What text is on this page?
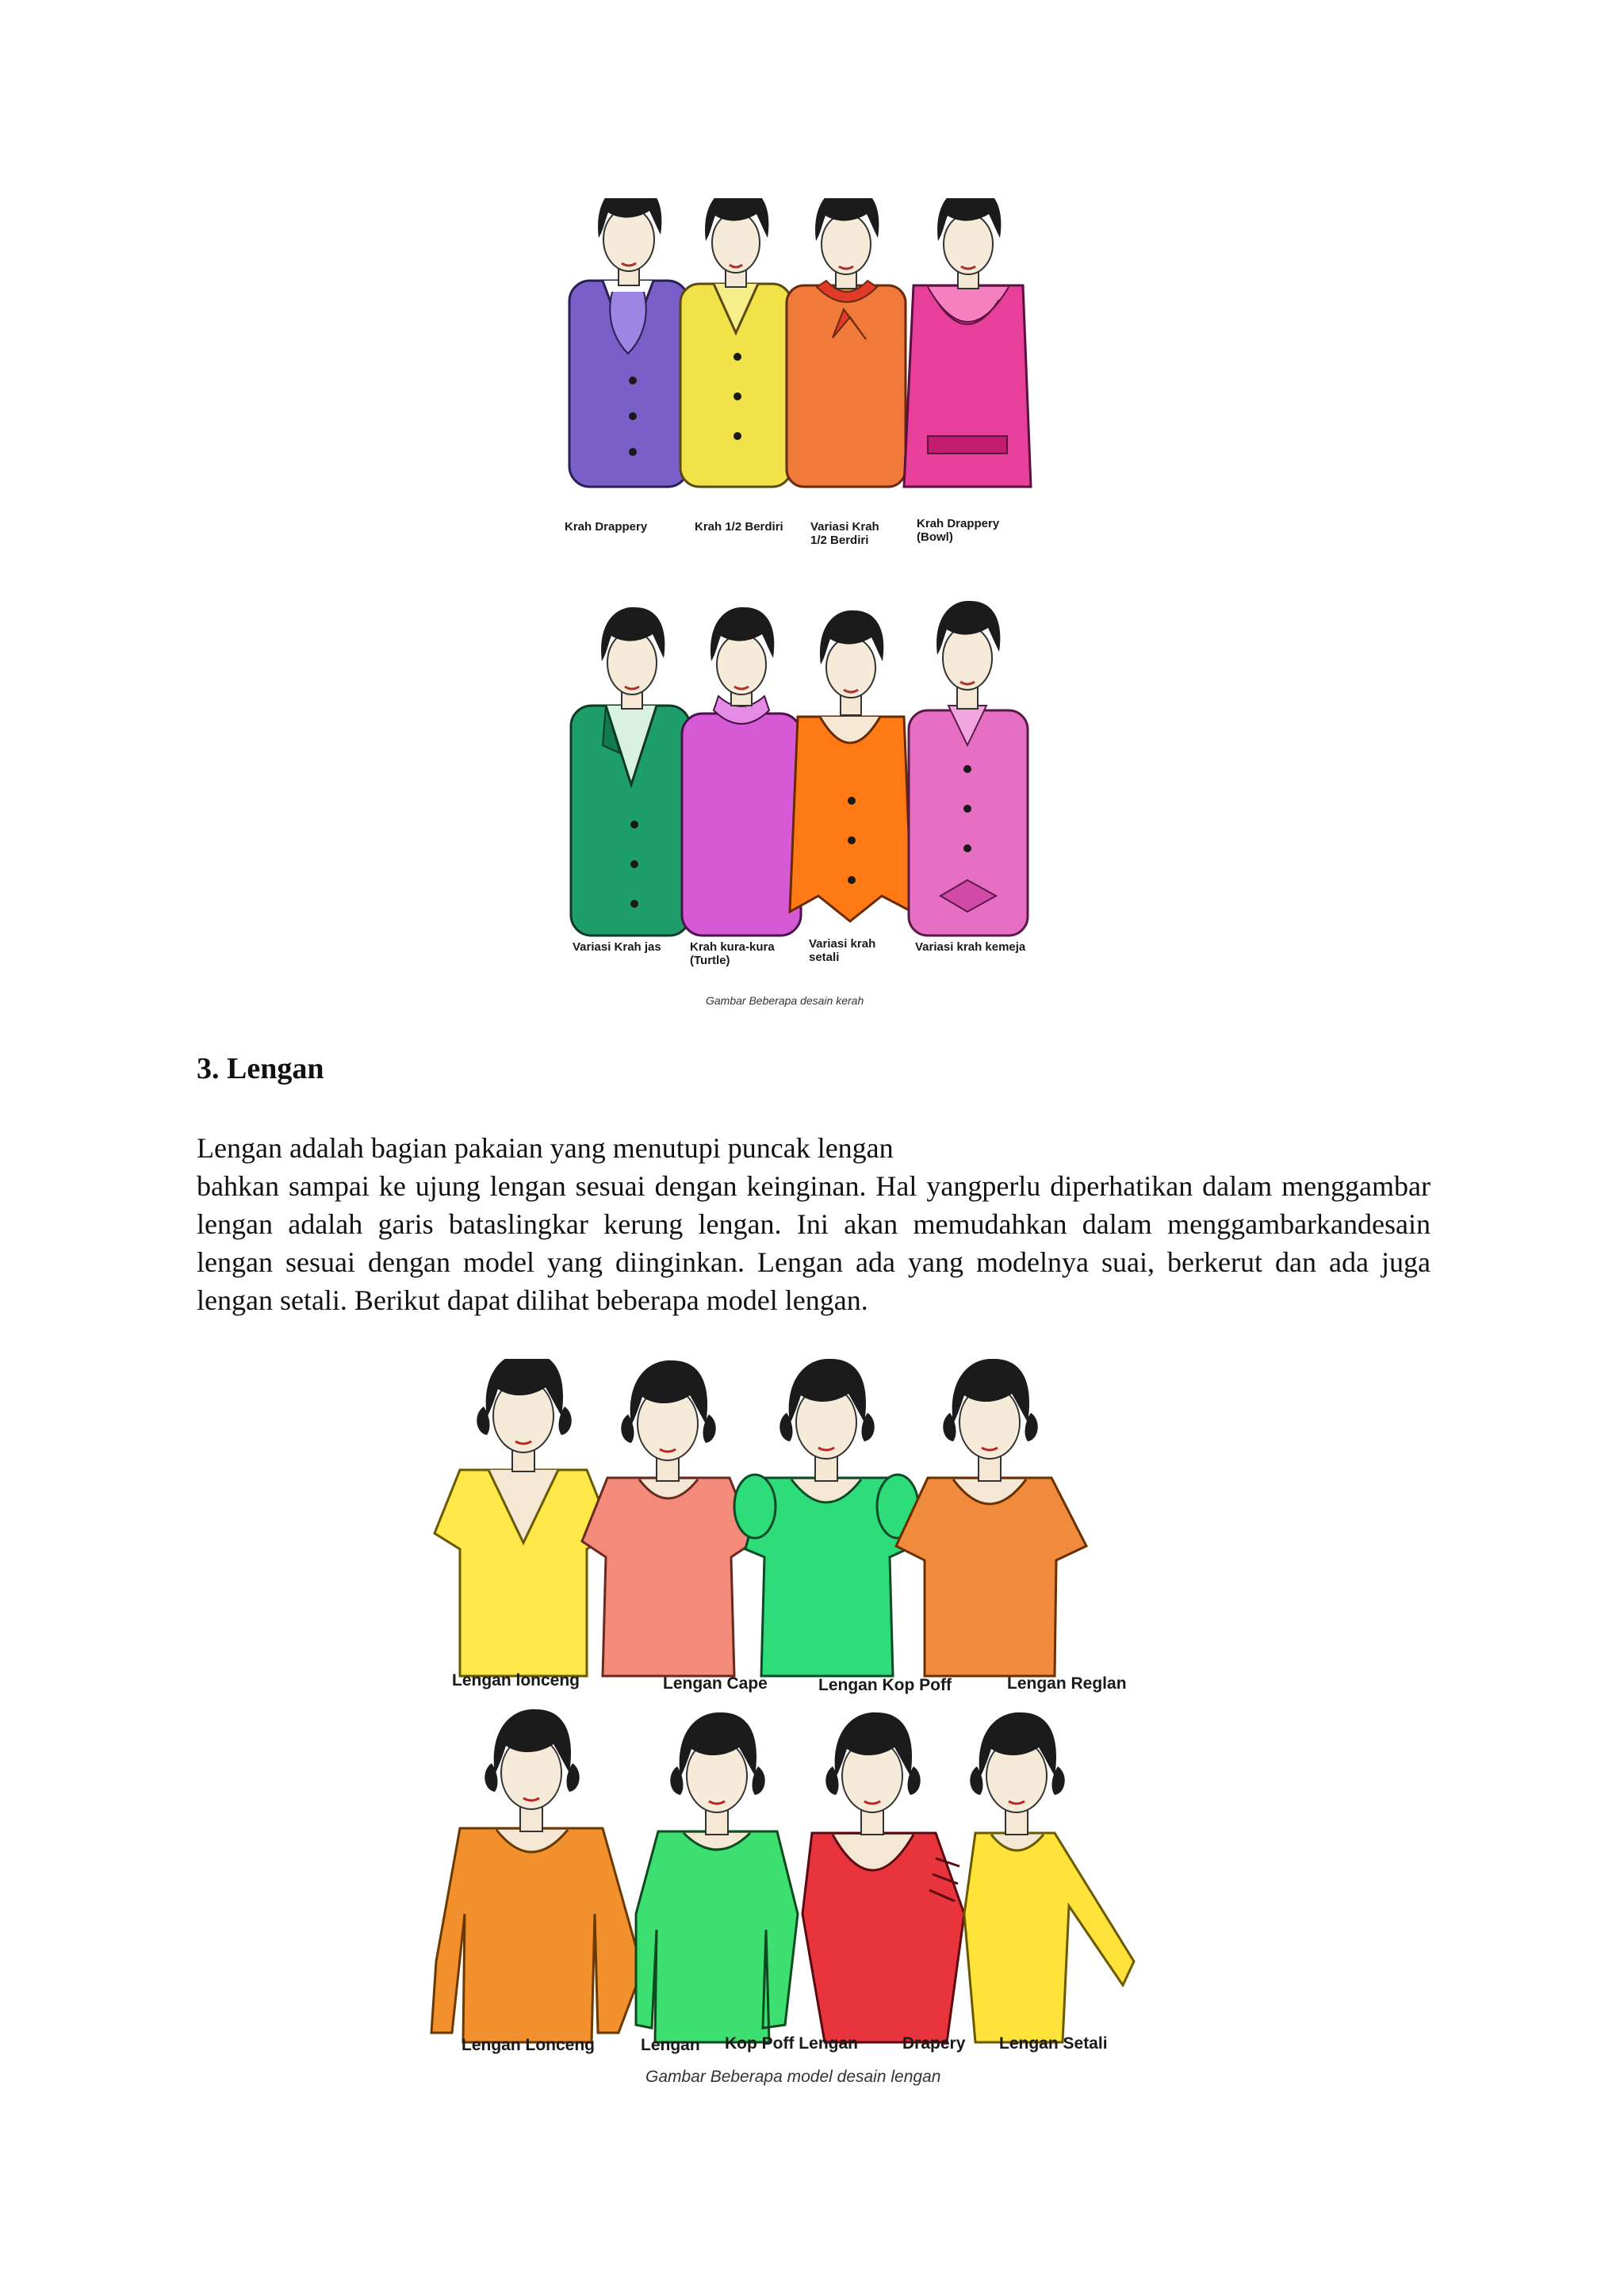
Krah Drappery	Krah 1/2 Berdiri Variasi Krah
1/2 Berdiri
Krah Drappery
(Bowl)
Variasi Krah jas Krah kura-kura
(Turtle)
Variasi krah
setali
Variasi krah kemeja

Gambar Beberapa desain kerah
3. Lengan
Lengan adalah bagian pakaian yang menutupi puncak lengan
bahkan sampai ke ujung lengan sesuai dengan keinginan. Hal yangperlu diperhatikan dalam menggambar lengan adalah garis bataslingkar kerung lengan. Ini akan memudahkan dalam menggambarkandesain lengan sesuai dengan model yang diinginkan. Lengan ada yang modelnya suai, berkerut dan ada juga lengan setali. Berikut dapat dilihat beberapa model lengan.
Lengan lonceng	Lengan Cape	Lengan Kop Poff	Lengan Reglan
Lengan Lonceng	Lengan Kop Poff Lengan	Drapery Lengan Setali
Gambar Beberapa model desain lengan
